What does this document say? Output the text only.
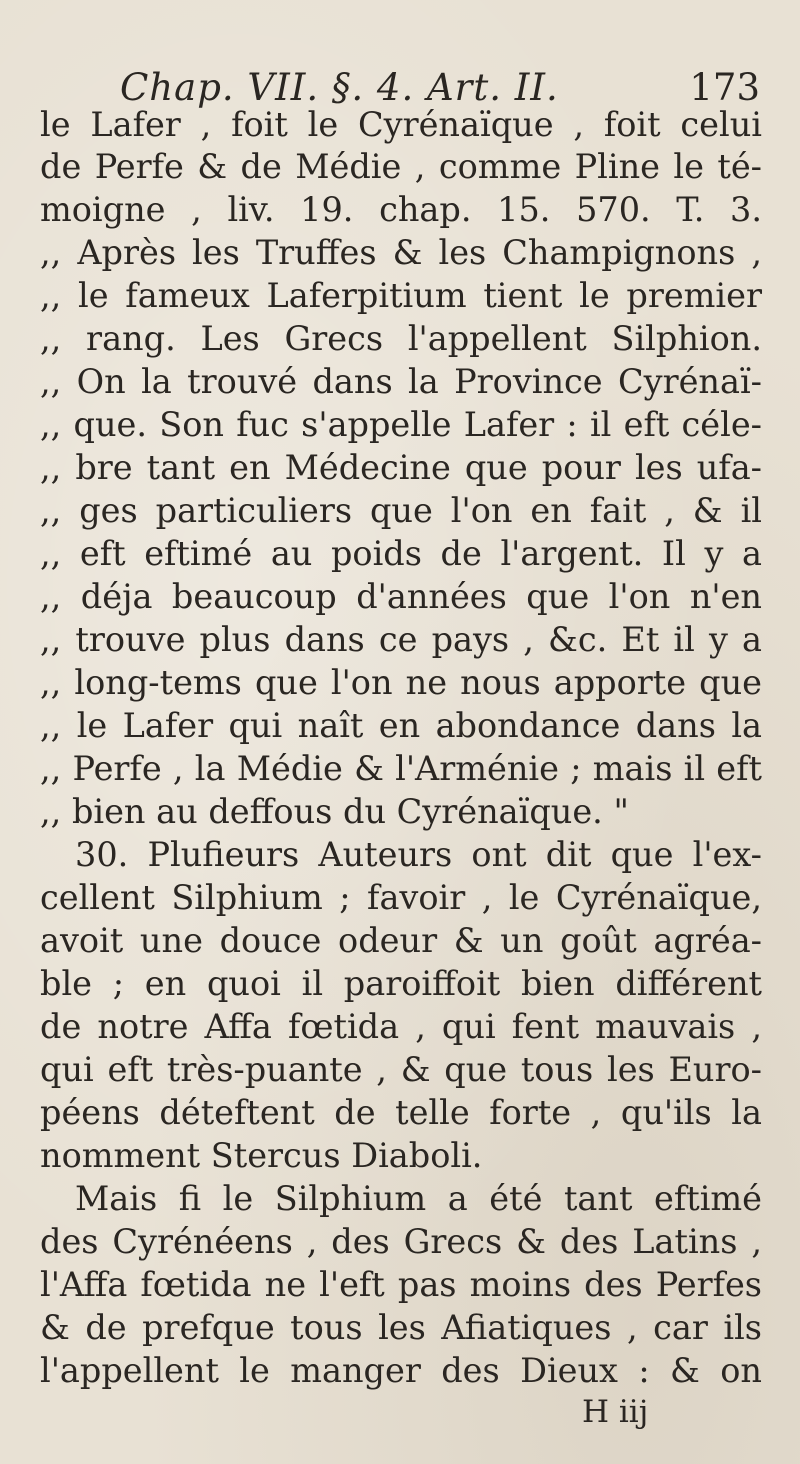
Chap. VII. §. 4. Art. II.	173
le Lafer , foit le Cyrénaïque , foit celui
de Perfe & de Médie , comme Pline le té-
moigne , liv. 19. chap. 15. 570. T. 3.
,, Après les Truffes & les Champignons ,
,, le fameux Laferpitium tient le premier
,, rang. Les Grecs l'appellent Silphion.
,, On la trouvé dans la Province Cyrénaï-
,, que. Son fuc s'appelle Lafer : il eft céle-
,, bre tant en Médecine que pour les ufa-
,, ges particuliers que l'on en fait , & il
,, eft eftimé au poids de l'argent. Il y a
,, déja beaucoup d'années que l'on n'en
,, trouve plus dans ce pays , &c. Et il y a
,, long-tems que l'on ne nous apporte que
,, le Lafer qui naît en abondance dans la
,, Perfe , la Médie & l'Arménie ; mais il eft
,, bien au deffous du Cyrénaïque. "
30. Plufieurs Auteurs ont dit que l'ex-
cellent Silphium ; favoir , le Cyrénaïque,
avoit une douce odeur & un goût agréa-
ble ; en quoi il paroiffoit bien différent
de notre Affa fœtida , qui fent mauvais ,
qui eft très-puante , & que tous les Euro-
péens déteftent de telle forte , qu'ils la
nomment Stercus Diaboli.
Mais fi le Silphium a été tant eftimé
des Cyrénéens , des Grecs & des Latins ,
l'Affa fœtida ne l'eft pas moins des Perfes
& de prefque tous les Afiatiques , car ils
l'appellent le manger des Dieux : & on
H iij
